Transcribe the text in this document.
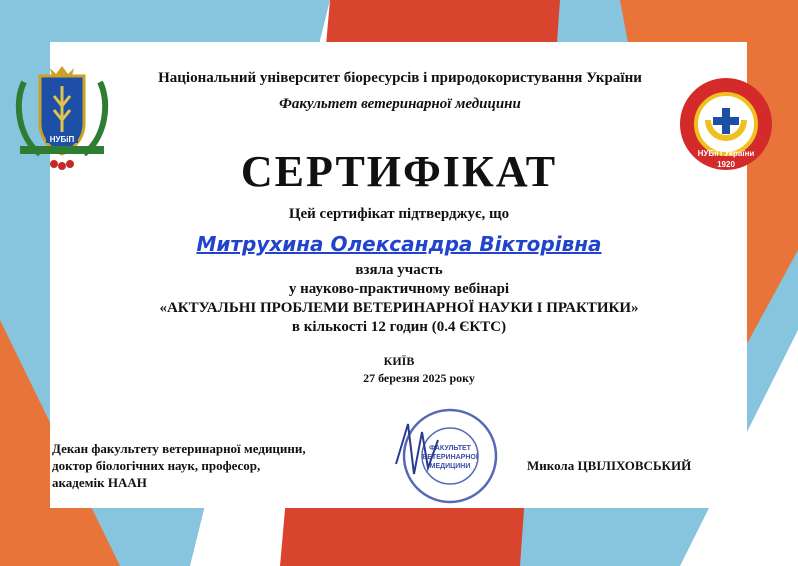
НУБіП
НУБіП України
1920
Національний університет біоресурсів і природокористування України
Факультет ветеринарної медицини
СЕРТИФІКАТ
Цей сертифікат підтверджує, що
Митрухина Олександра Вікторівна
взяла участь
у науково-практичному вебінарі
«АКТУАЛЬНІ ПРОБЛЕМИ ВЕТЕРИНАРНОЇ НАУКИ І ПРАКТИКИ»
в кількості 12 годин (0.4 ЄКТС)
КИЇВ
27 березня 2025 року
Декан факультету ветеринарної медицини,
доктор біологічних наук, професор,
академік НААН
ФАКУЛЬТЕТ
ВЕТЕРИНАРНОЇ
МЕДИЦИНИ	Микола ЦВІЛІХОВСЬКИЙ
